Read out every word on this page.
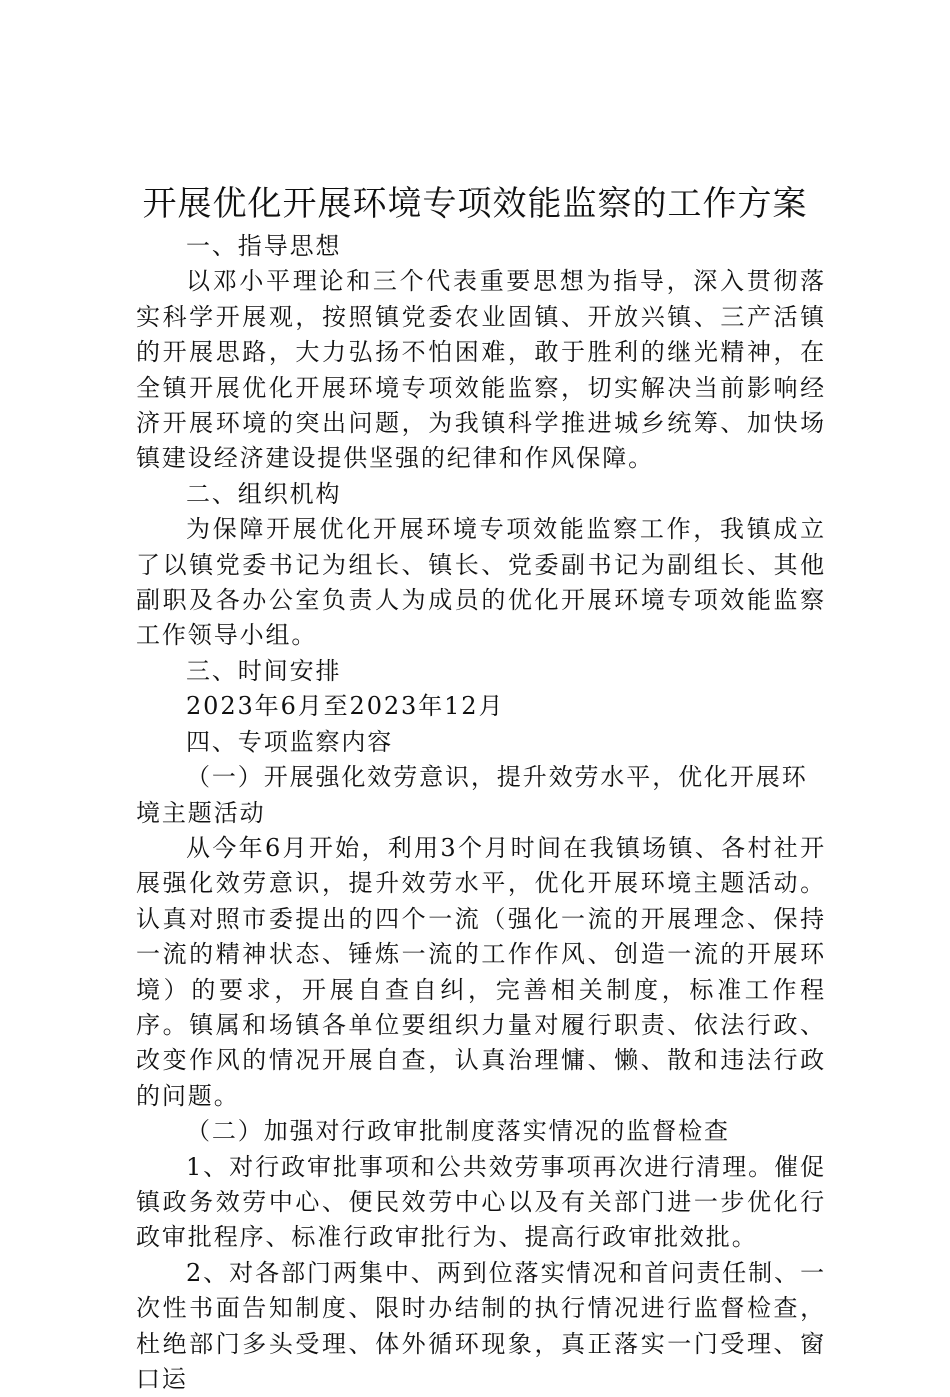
开展优化开展环境专项效能监察的工作方案

一、指导思想

以邓小平理论和三个代表重要思想为指导，深入贯彻落实科学开展观，按照镇党委农业固镇、开放兴镇、三产活镇的开展思路，大力弘扬不怕困难，敢于胜利的继光精神，在全镇开展优化开展环境专项效能监察，切实解决当前影响经济开展环境的突出问题，为我镇科学推进城乡统筹、加快场镇建设经济建设提供坚强的纪律和作风保障。

二、组织机构

为保障开展优化开展环境专项效能监察工作，我镇成立了以镇党委书记为组长、镇长、党委副书记为副组长、其他副职及各办公室负责人为成员的优化开展环境专项效能监察工作领导小组。

三、时间安排

2023年6月至2023年12月

四、专项监察内容

（一）开展强化效劳意识，提升效劳水平，优化开展环境主题活动

从今年6月开始，利用3个月时间在我镇场镇、各村社开展强化效劳意识，提升效劳水平，优化开展环境主题活动。认真对照市委提出的四个一流（强化一流的开展理念、保持一流的精神状态、锤炼一流的工作作风、创造一流的开展环境）的要求，开展自查自纠，完善相关制度，标准工作程序。镇属和场镇各单位要组织力量对履行职责、依法行政、改变作风的情况开展自查，认真治理慵、懒、散和违法行政的问题。

（二）加强对行政审批制度落实情况的监督检查

1、对行政审批事项和公共效劳事项再次进行清理。催促镇政务效劳中心、便民效劳中心以及有关部门进一步优化行政审批程序、标准行政审批行为、提高行政审批效批。

2、对各部门两集中、两到位落实情况和首问责任制、一次性书面告知制度、限时办结制的执行情况进行监督检查，杜绝部门多头受理、体外循环现象，真正落实一门受理、窗口运
